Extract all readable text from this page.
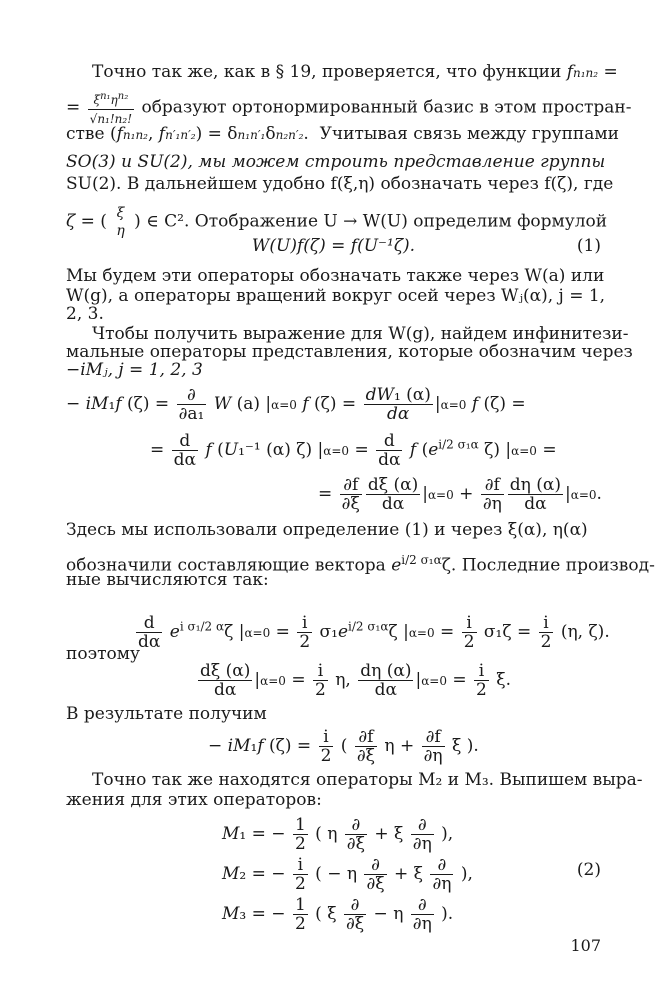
Точно так же, как в § 19, проверяется, что функции fn₁n₂ =
= $\frac{\xi^{n_1}\eta^{n_2}}{\text{√n₁!n₂!}}$ образуют ортонормированный базис в этом простран-
стве (fn₁n₂, fn′₁n′₂) = δn₁n′₁δn₂n′₂.  Учитывая связь между группами
SO(3) и SU(2), мы можем строить представление группы
SU(2). В дальнейшем удобно f(ξ,η) обозначать через f(ζ), где
ζ = ( ξ
η ) ∈ C². Отображение U → W(U) определим формулой
W(U)f(ζ) = f(U⁻¹ζ).	(1)
Мы будем эти операторы обозначать также через W(a) или
W(g), а операторы вращений вокруг осей через Wⱼ(α), j = 1,
2, 3.
Чтобы получить выражение для W(g), найдем инфинитези-
мальные операторы представления, которые обозначим через
−iMⱼ, j = 1, 2, 3
− iM₁f (ζ) = ∂
∂a₁ W (a) |α=0 f $(\zeta) = \frac{\text{dW₁ (α)}}{d\alpha} |\alpha=0$ f (ζ) =
= $\frac{d}{d\alpha}$ f (U₁⁻¹ (α) ζ) $|\alpha=0 = \frac{d}{d\alpha}$ f ($e^{i/2 \sigma_1\alpha}$ ζ) |α=0 =
= $\frac{\partial f}{\partial\xi} \frac{d\xi (\alpha)}{d\alpha} |\alpha=0 + \frac{\partial f}{\partial\eta} \frac{d\eta (\alpha)}{d\alpha} |\alpha=0$.
Здесь мы использовали определение (1) и через ξ(α), η(α)
обозначили составляющие вектора $e^{i/2 \sigma_1\alpha}\zeta$. Последние производ-
ные вычисляются так:
$\frac{d}{d\alpha} e^{i \sigma_1/2 \alpha}\zeta$ $|\alpha=0 = \frac{i}{2} \sigma_1e^{i/2 \sigma_1\alpha}\zeta$ $|\alpha=0 = \frac{i}{2} \sigma_1\zeta = \frac{i}{2} (\eta$, ζ).
поэтому
$\frac{d\xi (\alpha)}{d\alpha} |\alpha=0 = \frac{i}{2} \eta$, $\frac{d\eta (\alpha)}{d\alpha} |\alpha=0 = \frac{i}{2} \xi$.
В результате получим
− iM₁f $(\zeta) = \frac{i}{2}$ ( $\frac{\partial f}{\partial\xi}$ $\eta + \frac{\partial f}{\partial\eta}$ ξ ).
Точно так же находятся операторы M₂ и M₃. Выпишем выра-
жения для этих операторов:
M₁ = − $\frac{1}{2}$ ( η ∂
∂ξ + ξ ∂
∂η ),
M₂ = − $\frac{i}{2}$ ( − η ∂
∂ξ + ξ ∂
∂η ),	(2)
M₃ = − $\frac{1}{2}$ ( ξ ∂
∂ξ − η ∂
∂η ).
107
